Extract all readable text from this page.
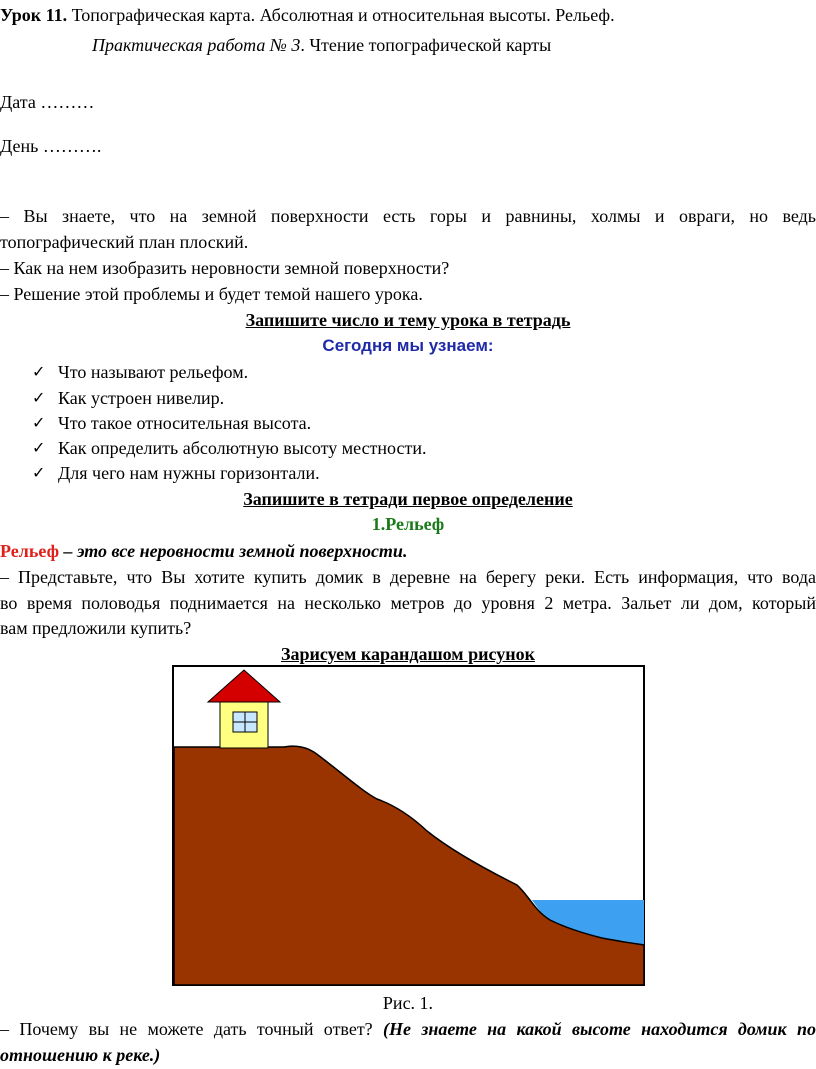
Урок 11. Топографическая карта. Абсолютная и относительная высоты. Рельеф.
Практическая работа № 3. Чтение топографической карты
Дата ………
День ……….
– Вы знаете, что на земной поверхности есть горы и равнины, холмы и овраги, но ведь
топографический план плоский.
– Как на нем изобразить неровности земной поверхности?
– Решение этой проблемы и будет темой нашего урока.
Запишите число и тему урока в тетрадь
Сегодня мы узнаем:
✓ Что называют рельефом.
✓ Как устроен нивелир.
✓ Что такое относительная высота.
✓ Как определить абсолютную высоту местности.
✓ Для чего нам нужны горизонтали.
Запишите в тетради первое определение
1.Рельеф
Рельеф – это все неровности земной поверхности.
– Представьте, что Вы хотите купить домик в деревне на берегу реки. Есть информация, что вода
во время половодья поднимается на несколько метров до уровня 2 метра. Зальет ли дом, который
вам предложили купить?
Зарисуем карандашом рисунок
Рис. 1.
– Почему вы не можете дать точный ответ? (Не знаете на какой высоте находится домик по
отношению к реке.)
